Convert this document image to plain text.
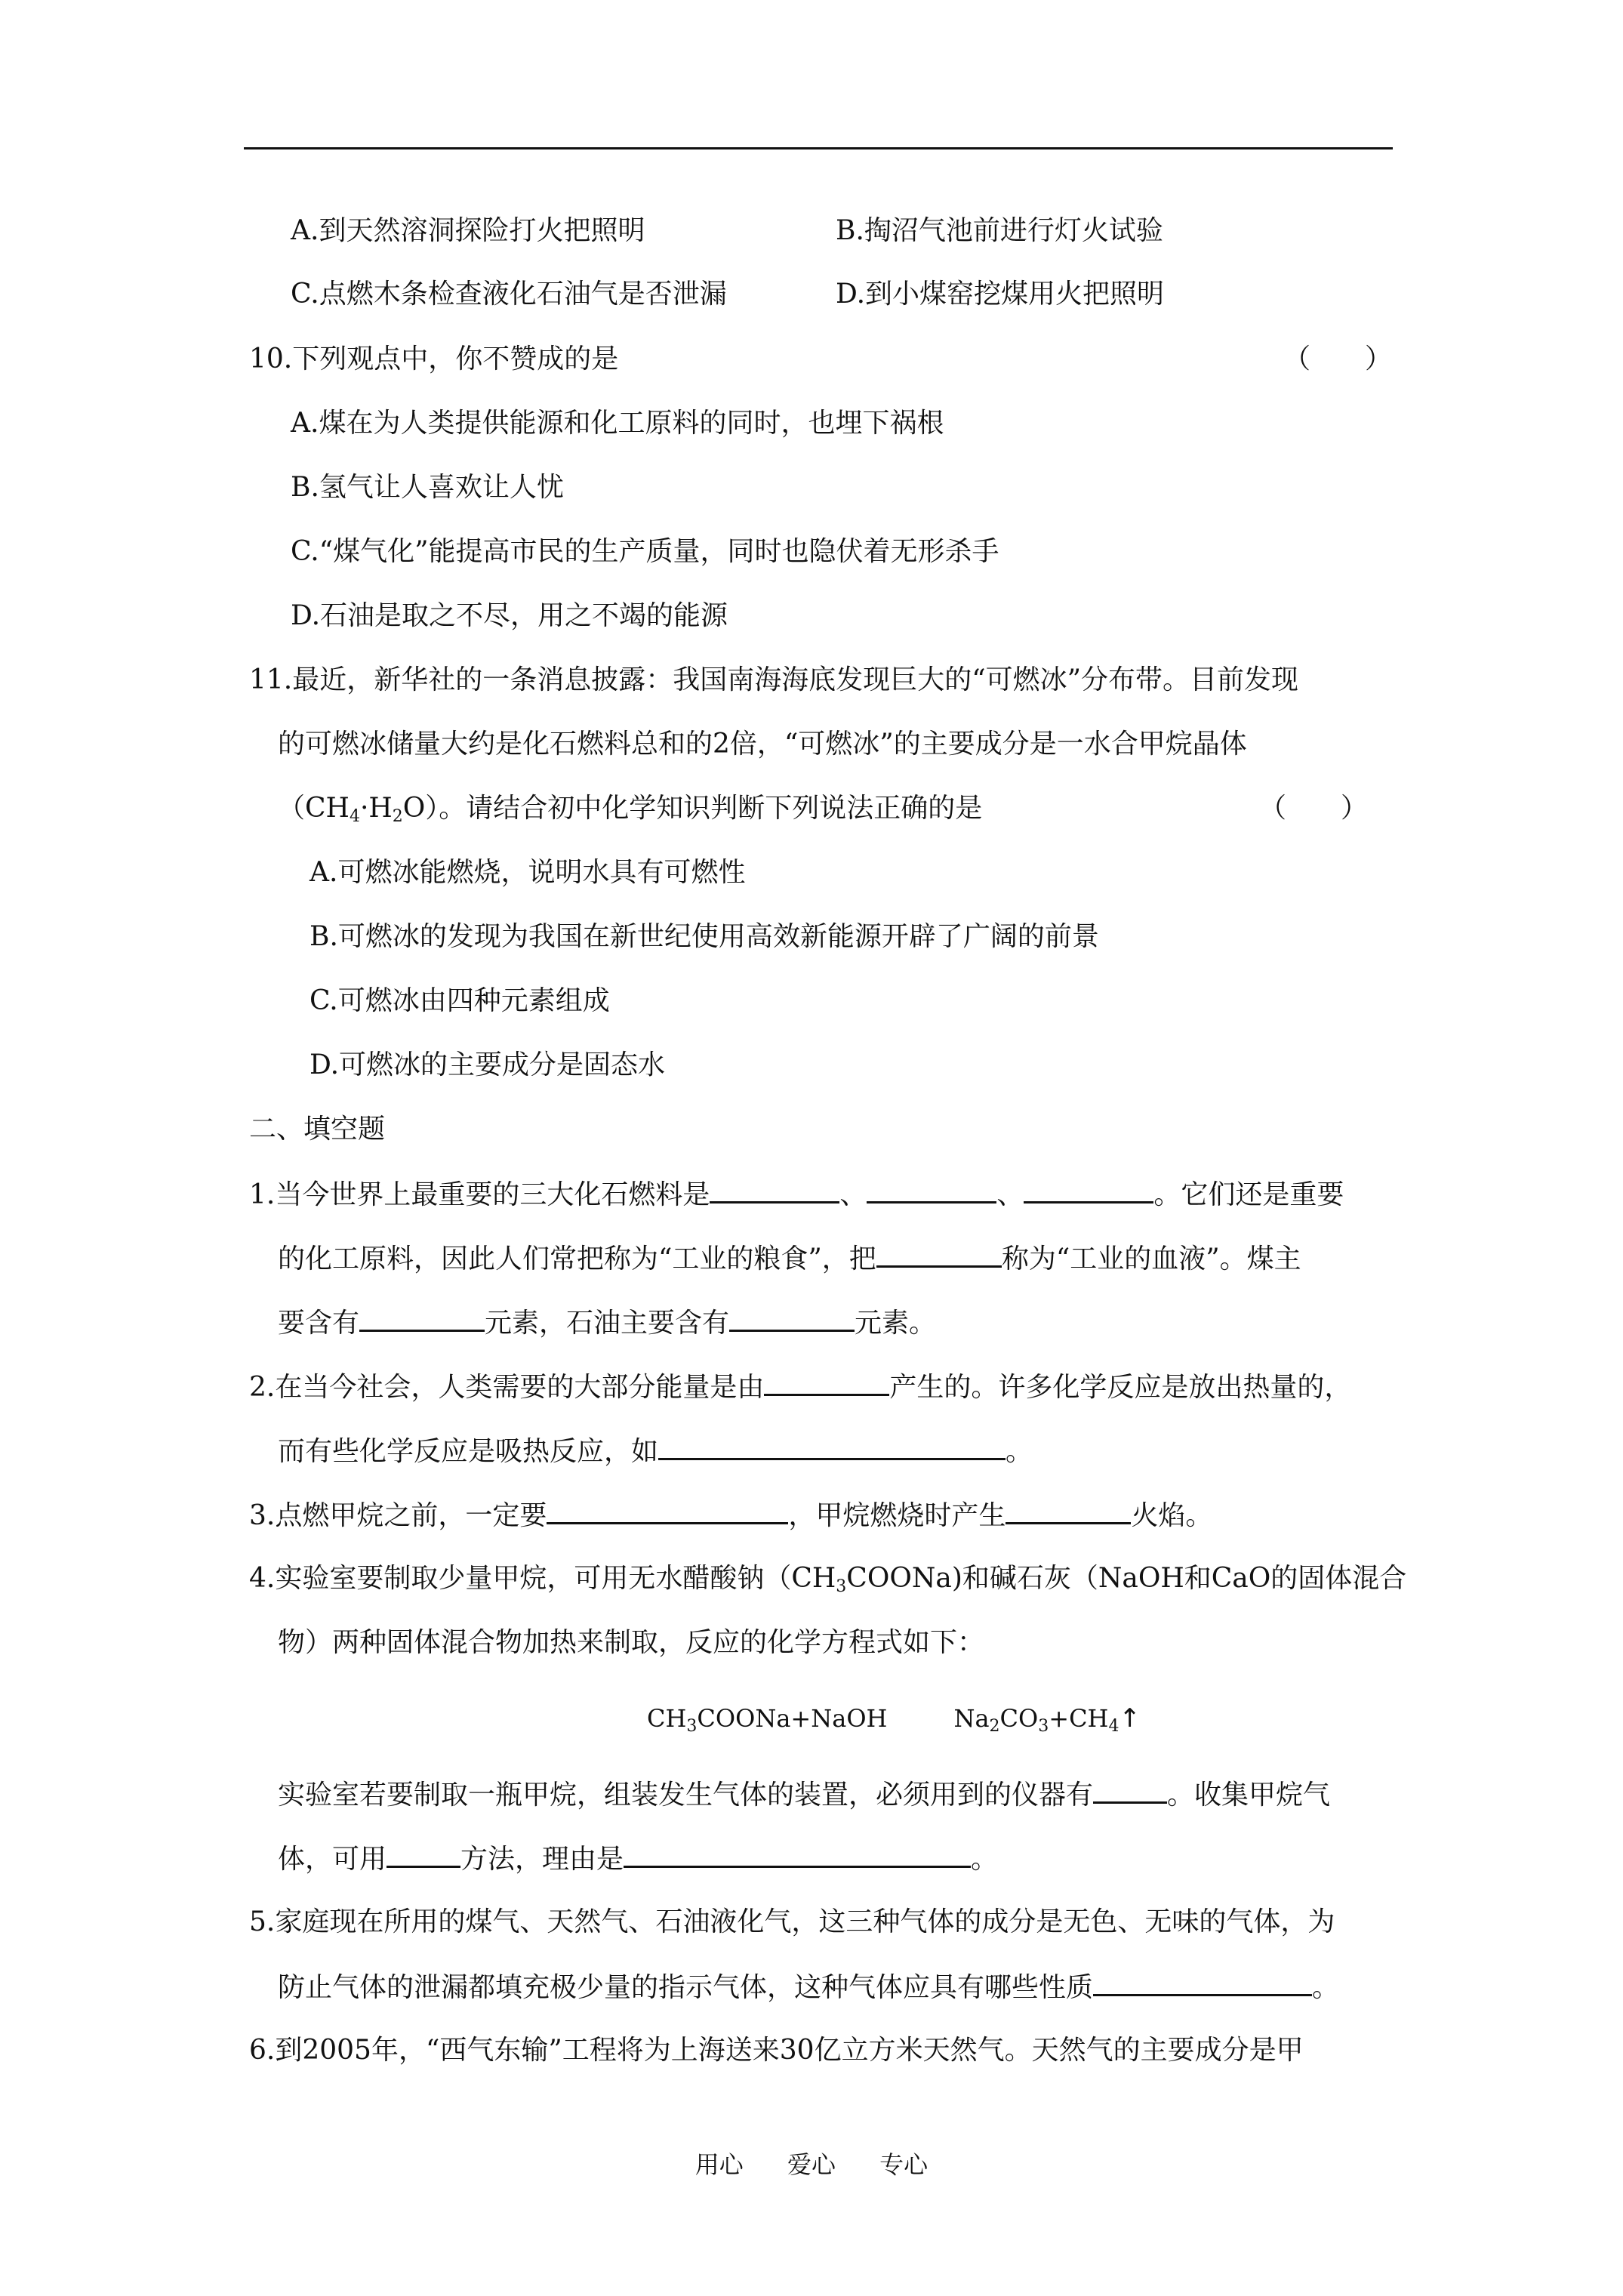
A.到天然溶洞探险打火把照明	B.掏沼气池前进行灯火试验
C.点燃木条检查液化石油气是否泄漏	D.到小煤窑挖煤用火把照明
10.下列观点中，你不赞成的是	（　　）
A.煤在为人类提供能源和化工原料的同时，也埋下祸根
B.氢气让人喜欢让人忧
C.“煤气化”能提高市民的生产质量，同时也隐伏着无形杀手
D.石油是取之不尽，用之不竭的能源
11.最近，新华社的一条消息披露：我国南海海底发现巨大的“可燃冰”分布带。目前发现
的可燃冰储量大约是化石燃料总和的2倍，“可燃冰”的主要成分是一水合甲烷晶体
$(CH_4\cdot H_2O)$。请结合初中化学知识判断下列说法正确的是	（　　）
A.可燃冰能燃烧，说明水具有可燃性
B.可燃冰的发现为我国在新世纪使用高效新能源开辟了广阔的前景
C.可燃冰由四种元素组成
D.可燃冰的主要成分是固态水
二、填空题
1.当今世界上最重要的三大化石燃料是	、	、	。它们还是重要
的化工原料，因此人们常把称为“工业的粮食”，把	称为“工业的血液”。煤主
要含有	元素，石油主要含有	元素。
2.在当今社会，人类需要的大部分能量是由	产生的。许多化学反应是放出热量的，
而有些化学反应是吸热反应，如	。
3.点燃甲烷之前，一定要	，甲烷燃烧时产生	火焰。
4.实验室要制取少量甲烷，可用无水醋酸钠$(CH_3COONa)$和碱石灰（NaOH和CaO的固体混合
物）两种固体混合物加热来制取，反应的化学方程式如下：
$CH_3COONa+NaOH$	$Na_2CO_3+CH_4↑$
实验室若要制取一瓶甲烷，组装发生气体的装置，必须用到的仪器有	。收集甲烷气
体，可用	方法，理由是	。
5.家庭现在所用的煤气、天然气、石油液化气，这三种气体的成分是无色、无味的气体，为
防止气体的泄漏都填充极少量的指示气体，这种气体应具有哪些性质	。
6.到2005年，“西气东输”工程将为上海送来30亿立方米天然气。天然气的主要成分是甲
用心 爱心 专心
